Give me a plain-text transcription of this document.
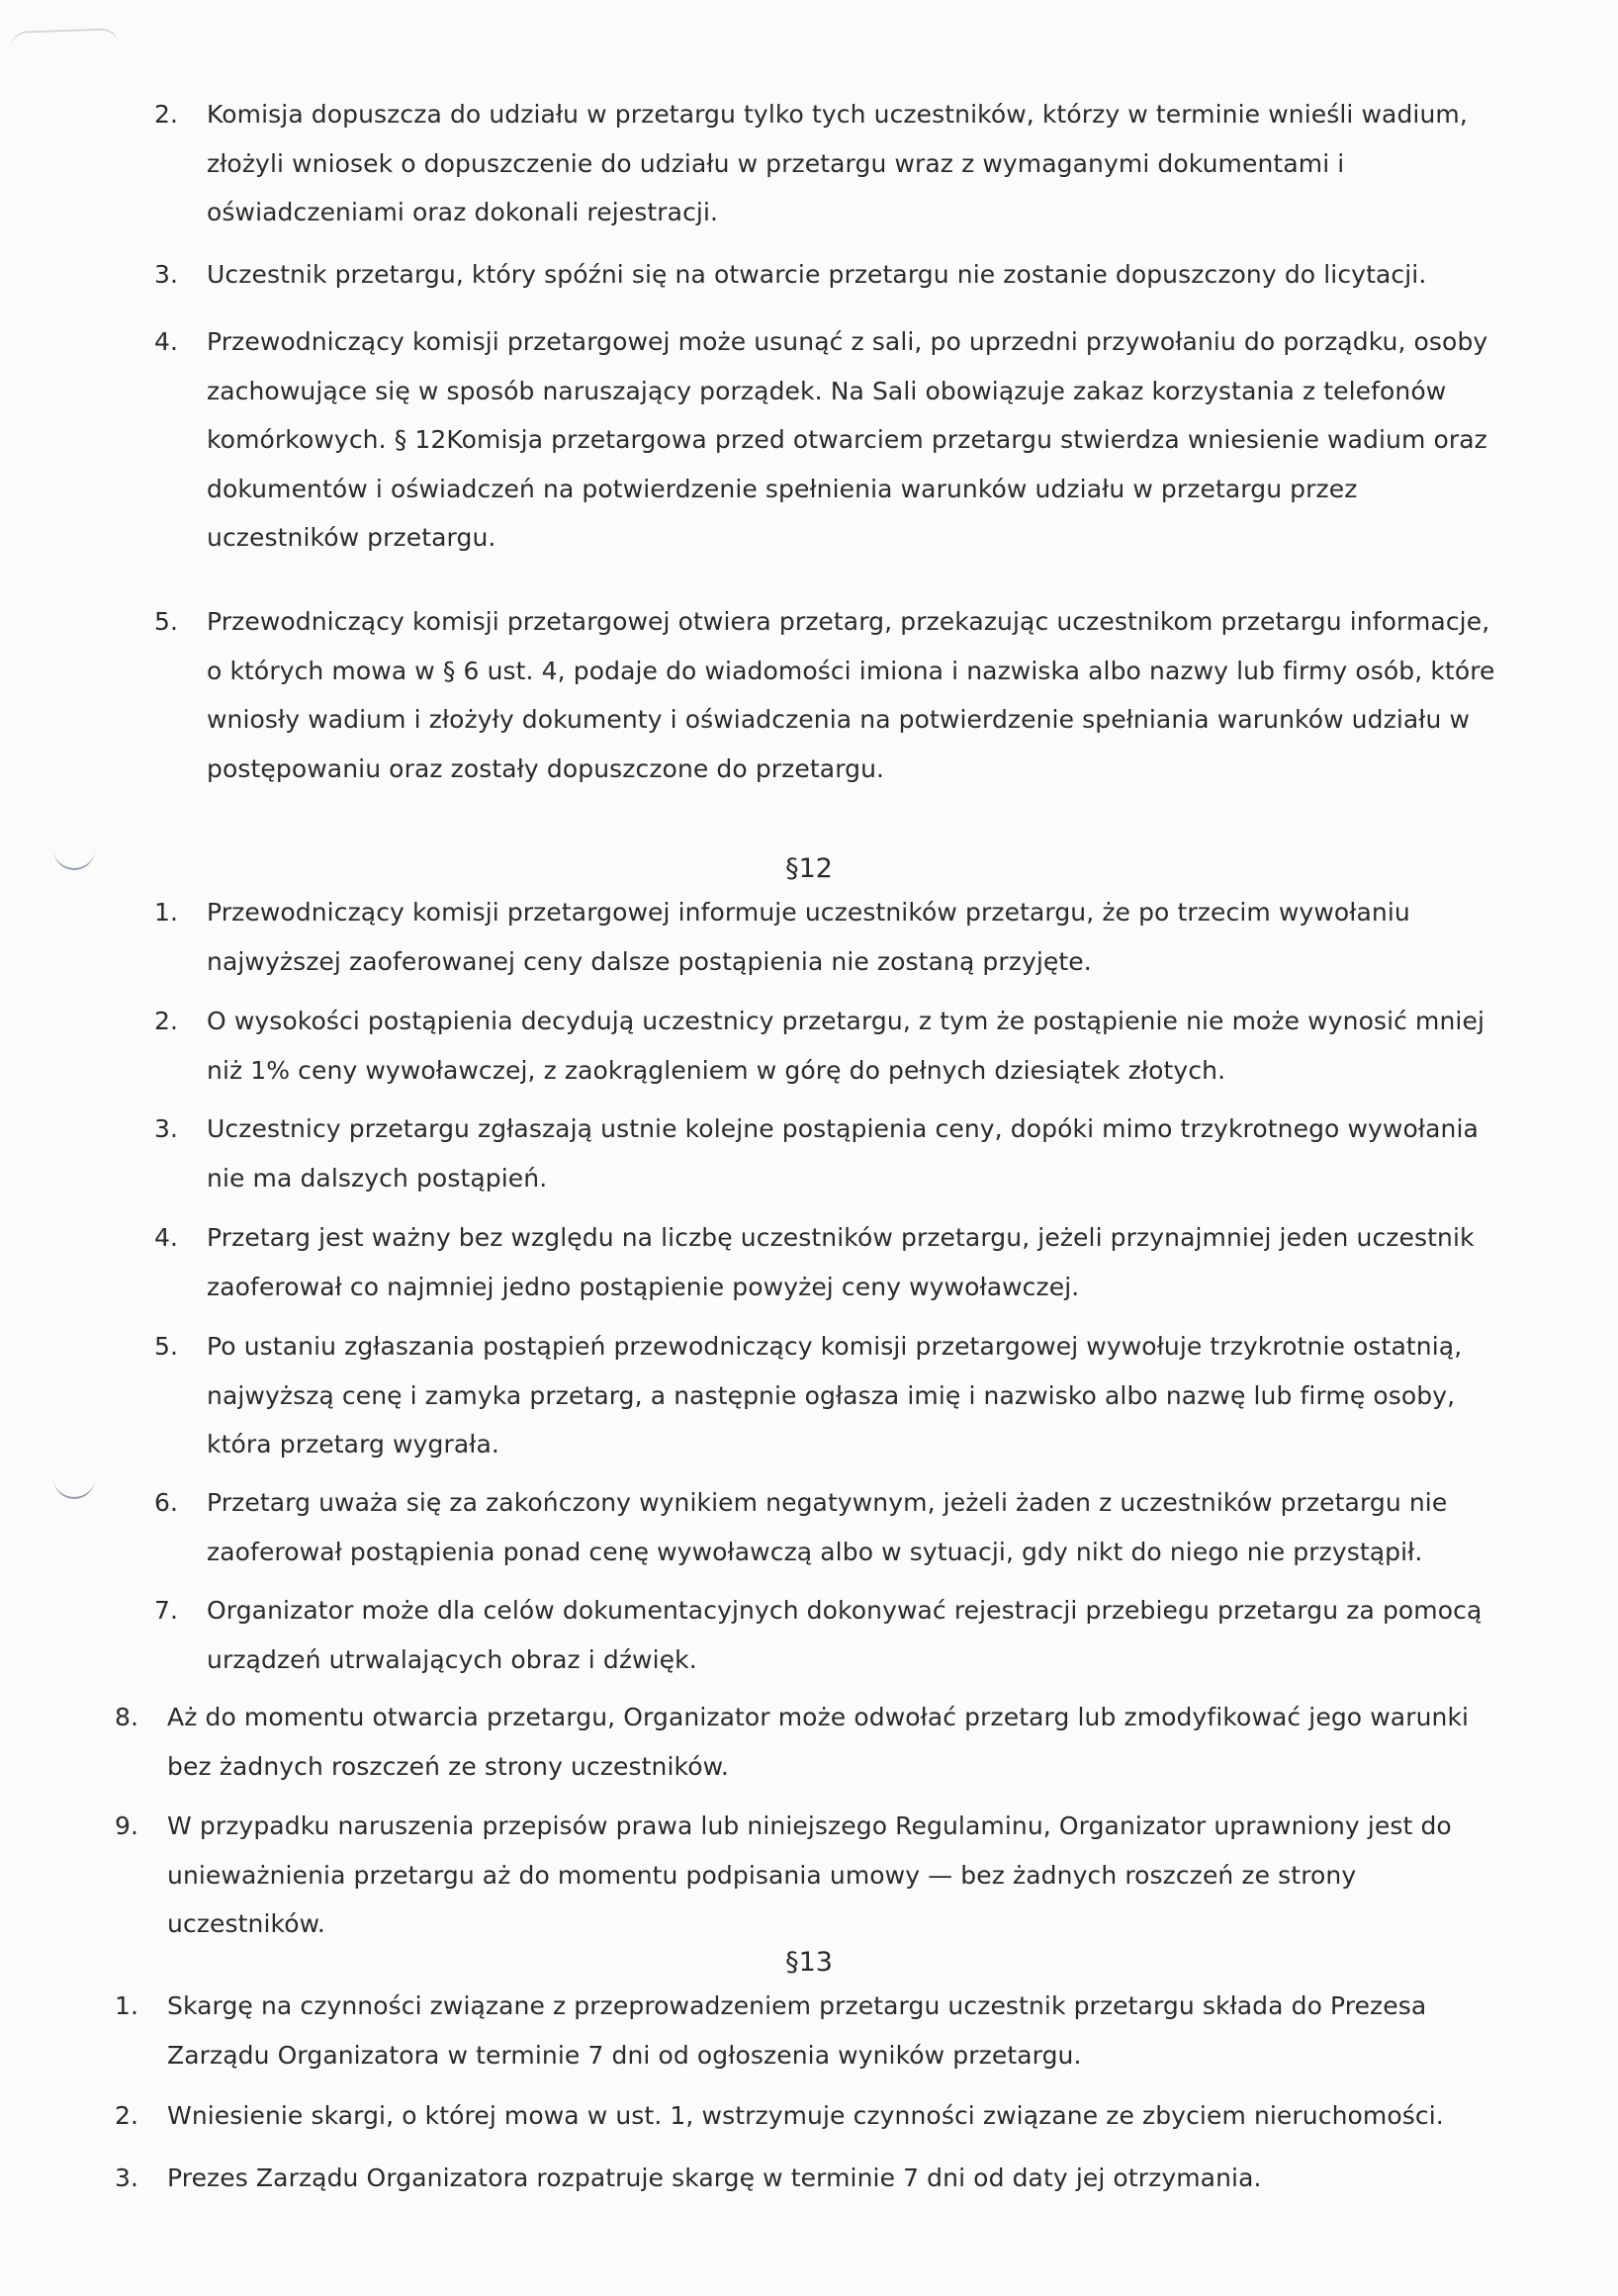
2. Komisja dopuszcza do udziału w przetargu tylko tych uczestników, którzy w terminie wnieśli wadium, złożyli wniosek o dopuszczenie do udziału w przetargu wraz z wymaganymi dokumentami i oświadczeniami oraz dokonali rejestracji.
3. Uczestnik przetargu, który spóźni się na otwarcie przetargu nie zostanie dopuszczony do licytacji.
4. Przewodniczący komisji przetargowej może usunąć z sali, po uprzedni przywołaniu do porządku, osoby zachowujące się w sposób naruszający porządek. Na Sali obowiązuje zakaz korzystania z telefonów komórkowych. § 12Komisja przetargowa przed otwarciem przetargu stwierdza wniesienie wadium oraz dokumentów i oświadczeń na potwierdzenie spełnienia warunków udziału w przetargu przez uczestników przetargu.
5. Przewodniczący komisji przetargowej otwiera przetarg, przekazując uczestnikom przetargu informacje, o których mowa w § 6 ust. 4, podaje do wiadomości imiona i nazwiska albo nazwy lub firmy osób, które wniosły wadium i złożyły dokumenty i oświadczenia na potwierdzenie spełniania warunków udziału w postępowaniu oraz zostały dopuszczone do przetargu.
§12
1. Przewodniczący komisji przetargowej informuje uczestników przetargu, że po trzecim wywołaniu najwyższej zaoferowanej ceny dalsze postąpienia nie zostaną przyjęte.
2. O wysokości postąpienia decydują uczestnicy przetargu, z tym że postąpienie nie może wynosić mniej niż 1% ceny wywoławczej, z zaokrągleniem w górę do pełnych dziesiątek złotych.
3. Uczestnicy przetargu zgłaszają ustnie kolejne postąpienia ceny, dopóki mimo trzykrotnego wywołania nie ma dalszych postąpień.
4. Przetarg jest ważny bez względu na liczbę uczestników przetargu, jeżeli przynajmniej jeden uczestnik zaoferował co najmniej jedno postąpienie powyżej ceny wywoławczej.
5. Po ustaniu zgłaszania postąpień przewodniczący komisji przetargowej wywołuje trzykrotnie ostatnią, najwyższą cenę i zamyka przetarg, a następnie ogłasza imię i nazwisko albo nazwę lub firmę osoby, która przetarg wygrała.
6. Przetarg uważa się za zakończony wynikiem negatywnym, jeżeli żaden z uczestników przetargu nie zaoferował postąpienia ponad cenę wywoławczą albo w sytuacji, gdy nikt do niego nie przystąpił.
7. Organizator może dla celów dokumentacyjnych dokonywać rejestracji przebiegu przetargu za pomocą urządzeń utrwalających obraz i dźwięk.
8. Aż do momentu otwarcia przetargu, Organizator może odwołać przetarg lub zmodyfikować jego warunki bez żadnych roszczeń ze strony uczestników.
9. W przypadku naruszenia przepisów prawa lub niniejszego Regulaminu, Organizator uprawniony jest do unieważnienia przetargu aż do momentu podpisania umowy — bez żadnych roszczeń ze strony uczestników.
§13
1. Skargę na czynności związane z przeprowadzeniem przetargu uczestnik przetargu składa do Prezesa Zarządu Organizatora w terminie 7 dni od ogłoszenia wyników przetargu.
2. Wniesienie skargi, o której mowa w ust. 1, wstrzymuje czynności związane ze zbyciem nieruchomości.
3. Prezes Zarządu Organizatora rozpatruje skargę w terminie 7 dni od daty jej otrzymania.
